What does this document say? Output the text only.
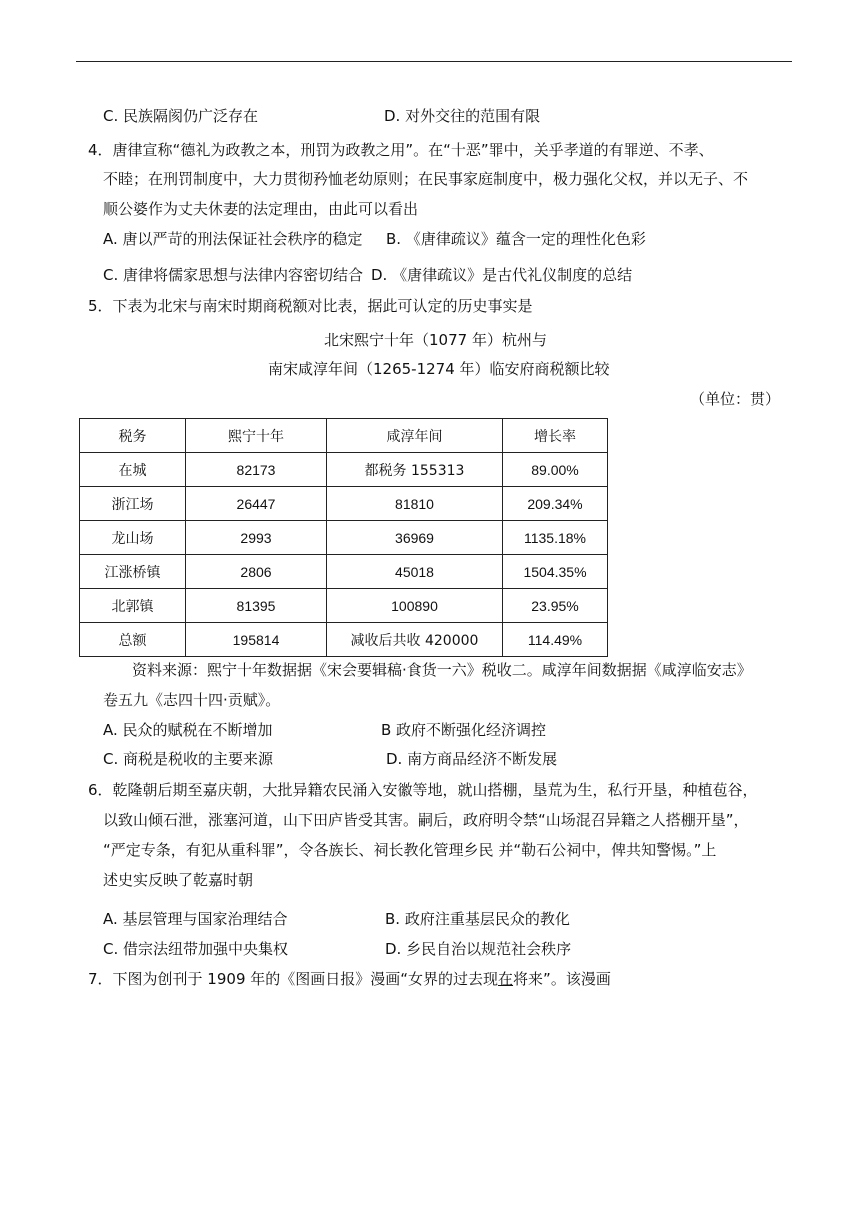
C. 民族隔阂仍广泛存在	D. 对外交往的范围有限
4．唐律宣称“德礼为政教之本，刑罚为政教之用”。在“十恶”罪中，关乎孝道的有罪逆、不孝、
不睦；在刑罚制度中，大力贯彻矜恤老幼原则；在民事家庭制度中，极力强化父权，并以无子、不
顺公婆作为丈夫休妻的法定理由，由此可以看出
A. 唐以严苛的刑法保证社会秩序的稳定 B. 《唐律疏议》蕴含一定的理性化色彩
C. 唐律将儒家思想与法律内容密切结合 D. 《唐律疏议》是古代礼仪制度的总结
5．下表为北宋与南宋时期商税额对比表，据此可认定的历史事实是
北宋熙宁十年（1077 年）杭州与
南宋咸淳年间（1265-1274 年）临安府商税额比较
（单位：贯）
税务	熙宁十年	咸淳年间	增长率
在城	82173	都税务 155313	89.00%
浙江场	26447	81810	209.34%
龙山场	2993	36969	1135.18%
江涨桥镇	2806	45018	1504.35%
北郭镇	81395	100890	23.95%
总额	195814	减收后共收 420000	114.49%
资料来源：熙宁十年数据据《宋会要辑稿·食货一六》税收二。咸淳年间数据据《咸淳临安志》
卷五九《志四十四·贡赋》。
A. 民众的赋税在不断增加	B 政府不断强化经济调控
C. 商税是税收的主要来源	D. 南方商品经济不断发展
6．乾隆朝后期至嘉庆朝，大批异籍农民涌入安徽等地，就山搭棚，垦荒为生，私行开垦，种植苞谷，
以致山倾石泄，涨塞河道，山下田庐皆受其害。嗣后，政府明令禁“山场混召异籍之人搭棚开垦”，
“严定专条，有犯从重科罪”，令各族长、祠长教化管理乡民 并“勒石公祠中，俾共知警惕。”上
述史实反映了乾嘉时朝
A. 基层管理与国家治理结合	B. 政府注重基层民众的教化
C. 借宗法纽带加强中央集权	D. 乡民自治以规范社会秩序
7．下图为创刊于 1909 年的《图画日报》漫画“女界的过去现在将来”。该漫画
